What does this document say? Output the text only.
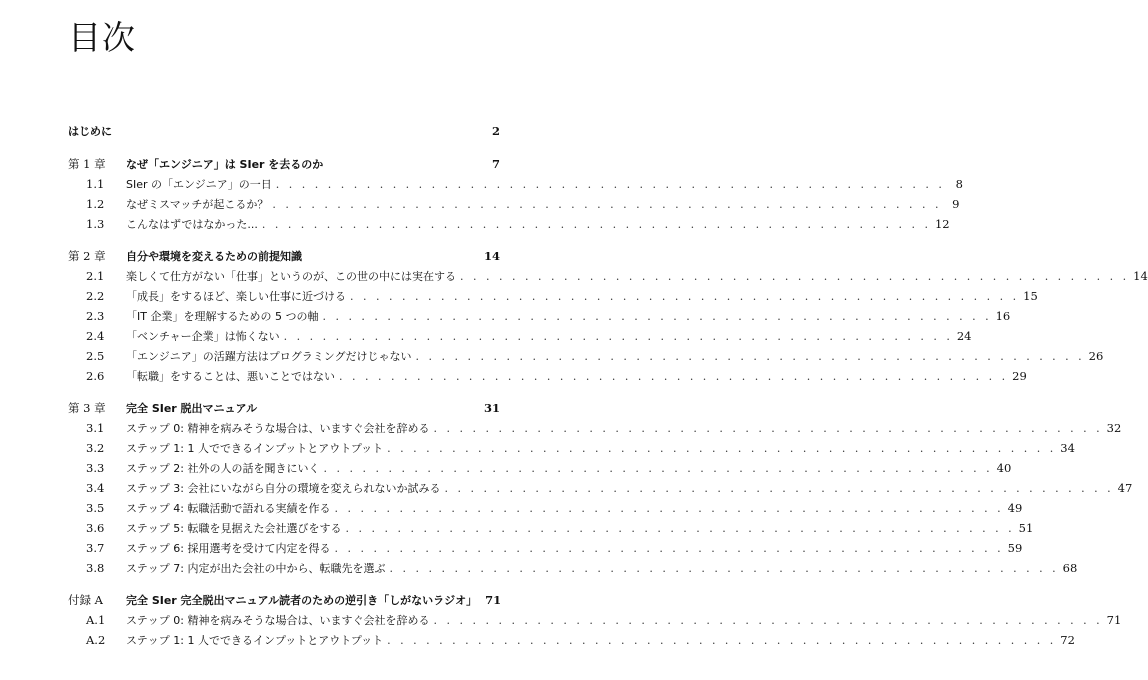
目次
はじめに	2
第 1 章	なぜ「エンジニア」は SIer を去るのか	7
1.1	SIer の「エンジニア」の一日 . . . . . . . . . . . . . . . . . . . . . . . . . . . . . . . . . . . . . . . . . . . . . . . . . . . . 8
1.2	なぜミスマッチが起こるか？ . . . . . . . . . . . . . . . . . . . . . . . . . . . . . . . . . . . . . . . . . . . . . . . . . . . . 9
1.3	こんなはずではなかった... . . . . . . . . . . . . . . . . . . . . . . . . . . . . . . . . . . . . . . . . . . . . . . . . . . . . 12
第 2 章	自分や環境を変えるための前提知識	14
2.1	楽しくて仕方がない「仕事」というのが、この世の中には実在する . . . . . . . . . . . . . . . . . . . . . . . . . . . . . . . . . . . . . . . . . . . . . . . . . . . . 14
2.2	「成長」をするほど、楽しい仕事に近づける . . . . . . . . . . . . . . . . . . . . . . . . . . . . . . . . . . . . . . . . . . . . . . . . . . . . 15
2.3	「IT 企業」を理解するための 5 つの軸 . . . . . . . . . . . . . . . . . . . . . . . . . . . . . . . . . . . . . . . . . . . . . . . . . . . . 16
2.4	「ベンチャー企業」は怖くない . . . . . . . . . . . . . . . . . . . . . . . . . . . . . . . . . . . . . . . . . . . . . . . . . . . . 24
2.5	「エンジニア」の活躍方法はプログラミングだけじゃない . . . . . . . . . . . . . . . . . . . . . . . . . . . . . . . . . . . . . . . . . . . . . . . . . . . . 26
2.6	「転職」をすることは、悪いことではない . . . . . . . . . . . . . . . . . . . . . . . . . . . . . . . . . . . . . . . . . . . . . . . . . . . . 29
第 3 章	完全 SIer 脱出マニュアル	31
3.1	ステップ 0: 精神を病みそうな場合は、いますぐ会社を辞める . . . . . . . . . . . . . . . . . . . . . . . . . . . . . . . . . . . . . . . . . . . . . . . . . . . . 32
3.2	ステップ 1: 1 人でできるインプットとアウトプット . . . . . . . . . . . . . . . . . . . . . . . . . . . . . . . . . . . . . . . . . . . . . . . . . . . . 34
3.3	ステップ 2: 社外の人の話を聞きにいく . . . . . . . . . . . . . . . . . . . . . . . . . . . . . . . . . . . . . . . . . . . . . . . . . . . . 40
3.4	ステップ 3: 会社にいながら自分の環境を変えられないか試みる . . . . . . . . . . . . . . . . . . . . . . . . . . . . . . . . . . . . . . . . . . . . . . . . . . . . 47
3.5	ステップ 4: 転職活動で語れる実績を作る . . . . . . . . . . . . . . . . . . . . . . . . . . . . . . . . . . . . . . . . . . . . . . . . . . . . 49
3.6	ステップ 5: 転職を見据えた会社選びをする . . . . . . . . . . . . . . . . . . . . . . . . . . . . . . . . . . . . . . . . . . . . . . . . . . . . 51
3.7	ステップ 6: 採用選考を受けて内定を得る . . . . . . . . . . . . . . . . . . . . . . . . . . . . . . . . . . . . . . . . . . . . . . . . . . . . 59
3.8	ステップ 7: 内定が出た会社の中から、転職先を選ぶ . . . . . . . . . . . . . . . . . . . . . . . . . . . . . . . . . . . . . . . . . . . . . . . . . . . . 68
付録 A	完全 SIer 完全脱出マニュアル読者のための逆引き「しがないラジオ」 71
A.1	ステップ 0: 精神を病みそうな場合は、いますぐ会社を辞める . . . . . . . . . . . . . . . . . . . . . . . . . . . . . . . . . . . . . . . . . . . . . . . . . . . . 71
A.2	ステップ 1: 1 人でできるインプットとアウトプット . . . . . . . . . . . . . . . . . . . . . . . . . . . . . . . . . . . . . . . . . . . . . . . . . . . . 72
